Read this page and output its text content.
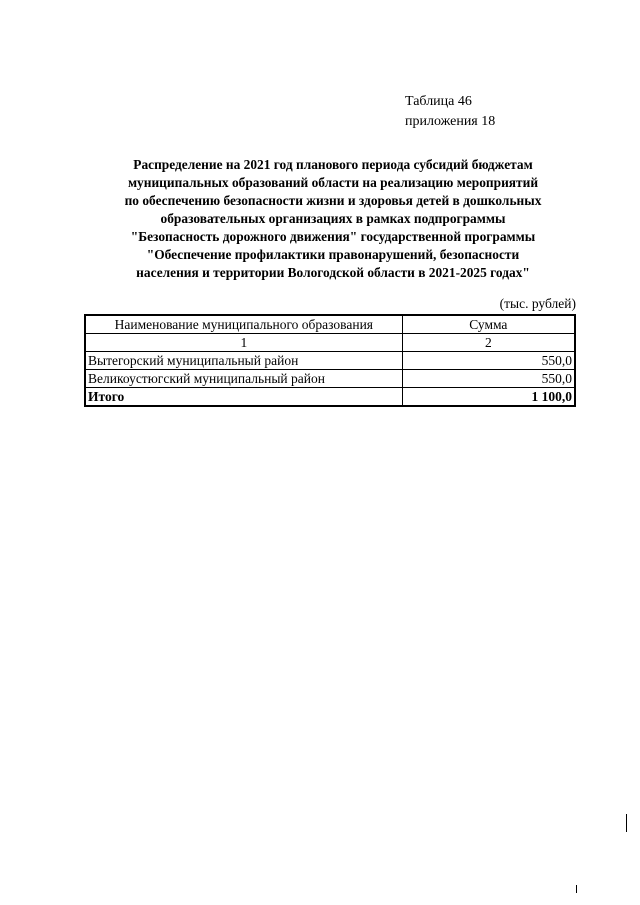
Таблица 46
приложения 18
Распределение на 2021 год планового периода субсидий бюджетам
муниципальных образований области на реализацию мероприятий
по обеспечению безопасности жизни и здоровья детей в дошкольных
образовательных организациях в рамках подпрограммы
"Безопасность дорожного движения" государственной программы
"Обеспечение профилактики правонарушений, безопасности
населения и территории Вологодской области в 2021-2025 годах"
(тыс. рублей)
Наименование муниципального образования	Сумма
1	2
Вытегорский муниципальный район	550,0
Великоустюгский муниципальный район	550,0
Итого	1 100,0
